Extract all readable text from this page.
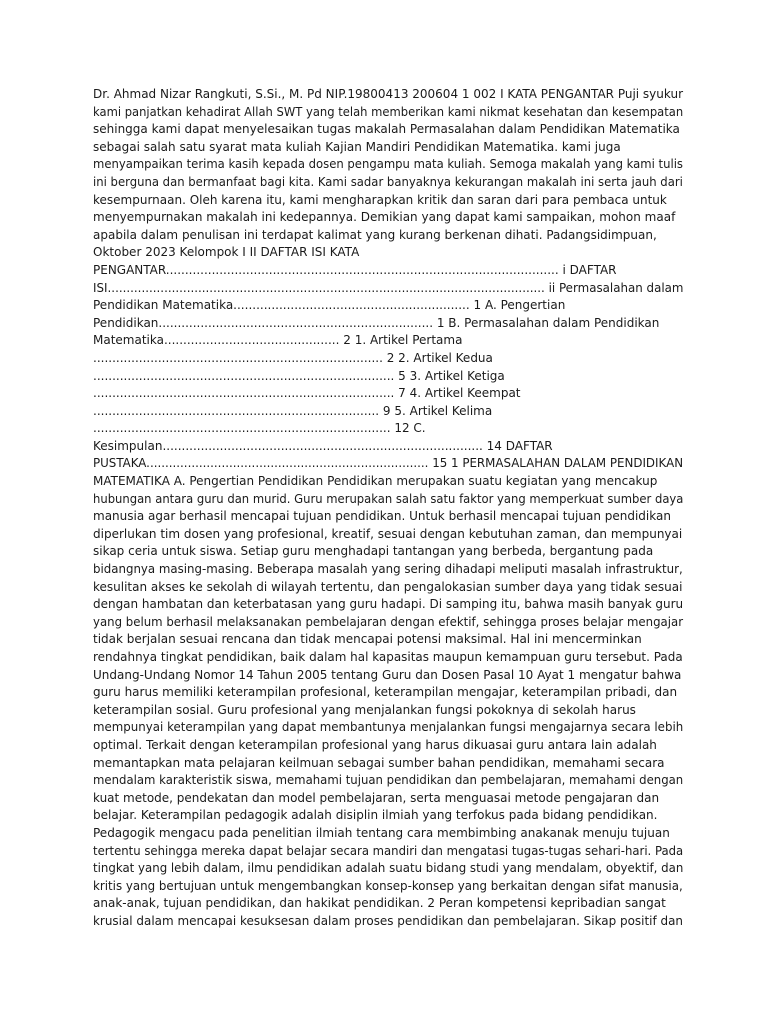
Dr. Ahmad Nizar Rangkuti, S.Si., M. Pd NIP.19800413 200604 1 002 I KATA PENGANTAR Puji syukur
kami panjatkan kehadirat Allah SWT yang telah memberikan kami nikmat kesehatan dan kesempatan
sehingga kami dapat menyelesaikan tugas makalah Permasalahan dalam Pendidikan Matematika
sebagai salah satu syarat mata kuliah Kajian Mandiri Pendidikan Matematika. kami juga
menyampaikan terima kasih kepada dosen pengampu mata kuliah. Semoga makalah yang kami tulis
ini berguna dan bermanfaat bagi kita. Kami sadar banyaknya kekurangan makalah ini serta jauh dari
kesempurnaan. Oleh karena itu, kami mengharapkan kritik dan saran dari para pembaca untuk
menyempurnakan makalah ini kedepannya. Demikian yang dapat kami sampaikan, mohon maaf
apabila dalam penulisan ini terdapat kalimat yang kurang berkenan dihati. Padangsidimpuan,
Oktober 2023 Kelompok I II DAFTAR ISI KATA
PENGANTAR....................................................................................................... i DAFTAR
ISI.................................................................................................................... ii Permasalahan dalam
Pendidikan Matematika.............................................................. 1 A. Pengertian
Pendidikan........................................................................ 1 B. Permasalahan dalam Pendidikan
Matematika.............................................. 2 1. Artikel Pertama
............................................................................ 2 2. Artikel Kedua
............................................................................... 5 3. Artikel Ketiga
............................................................................... 7 4. Artikel Keempat
........................................................................... 9 5. Artikel Kelima
.............................................................................. 12 C.
Kesimpulan.................................................................................... 14 DAFTAR
PUSTAKA........................................................................... 15 1 PERMASALAHAN DALAM PENDIDIKAN
MATEMATIKA A. Pengertian Pendidikan Pendidikan merupakan suatu kegiatan yang mencakup
hubungan antara guru dan murid. Guru merupakan salah satu faktor yang memperkuat sumber daya
manusia agar berhasil mencapai tujuan pendidikan. Untuk berhasil mencapai tujuan pendidikan
diperlukan tim dosen yang profesional, kreatif, sesuai dengan kebutuhan zaman, dan mempunyai
sikap ceria untuk siswa. Setiap guru menghadapi tantangan yang berbeda, bergantung pada
bidangnya masing-masing. Beberapa masalah yang sering dihadapi meliputi masalah infrastruktur,
kesulitan akses ke sekolah di wilayah tertentu, dan pengalokasian sumber daya yang tidak sesuai
dengan hambatan dan keterbatasan yang guru hadapi. Di samping itu, bahwa masih banyak guru
yang belum berhasil melaksanakan pembelajaran dengan efektif, sehingga proses belajar mengajar
tidak berjalan sesuai rencana dan tidak mencapai potensi maksimal. Hal ini mencerminkan
rendahnya tingkat pendidikan, baik dalam hal kapasitas maupun kemampuan guru tersebut. Pada
Undang-Undang Nomor 14 Tahun 2005 tentang Guru dan Dosen Pasal 10 Ayat 1 mengatur bahwa
guru harus memiliki keterampilan profesional, keterampilan mengajar, keterampilan pribadi, dan
keterampilan sosial. Guru profesional yang menjalankan fungsi pokoknya di sekolah harus
mempunyai keterampilan yang dapat membantunya menjalankan fungsi mengajarnya secara lebih
optimal. Terkait dengan keterampilan profesional yang harus dikuasai guru antara lain adalah
memantapkan mata pelajaran keilmuan sebagai sumber bahan pendidikan, memahami secara
mendalam karakteristik siswa, memahami tujuan pendidikan dan pembelajaran, memahami dengan
kuat metode, pendekatan dan model pembelajaran, serta menguasai metode pengajaran dan
belajar. Keterampilan pedagogik adalah disiplin ilmiah yang terfokus pada bidang pendidikan.
Pedagogik mengacu pada penelitian ilmiah tentang cara membimbing anakanak menuju tujuan
tertentu sehingga mereka dapat belajar secara mandiri dan mengatasi tugas-tugas sehari-hari. Pada
tingkat yang lebih dalam, ilmu pendidikan adalah suatu bidang studi yang mendalam, obyektif, dan
kritis yang bertujuan untuk mengembangkan konsep-konsep yang berkaitan dengan sifat manusia,
anak-anak, tujuan pendidikan, dan hakikat pendidikan. 2 Peran kompetensi kepribadian sangat
krusial dalam mencapai kesuksesan dalam proses pendidikan dan pembelajaran. Sikap positif dan
